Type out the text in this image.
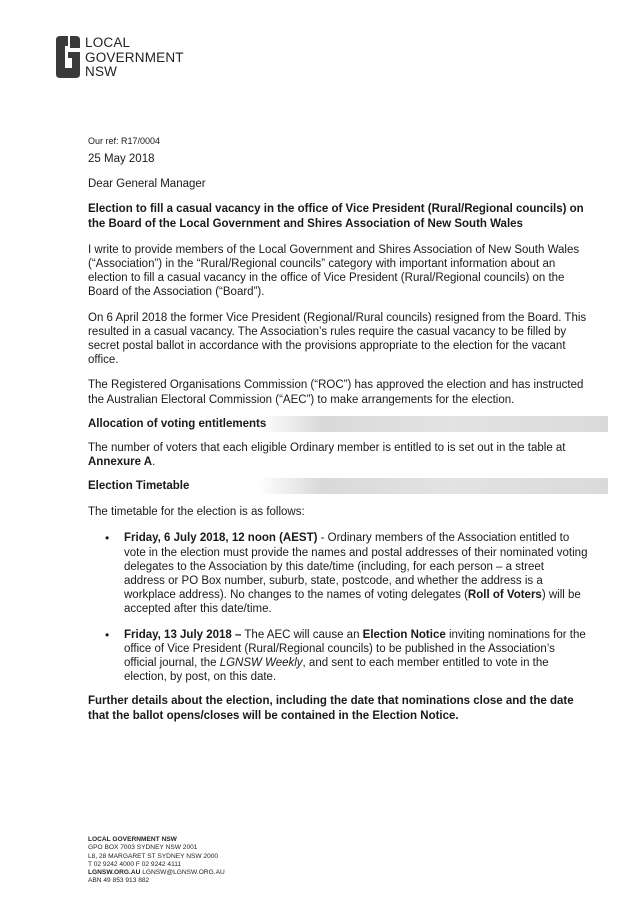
LOCAL
GOVERNMENT
NSW

Our ref: R17/0004

25 May 2018

Dear General Manager

Election to fill a casual vacancy in the office of Vice President (Rural/Regional councils) on the Board of the Local Government and Shires Association of New South Wales

I write to provide members of the Local Government and Shires Association of New South Wales (“Association”) in the “Rural/Regional councils” category with important information about an election to fill a casual vacancy in the office of Vice President (Rural/Regional councils) on the Board of the Association (“Board”).

On 6 April 2018 the former Vice President (Regional/Rural councils) resigned from the Board. This resulted in a casual vacancy. The Association’s rules require the casual vacancy to be filled by secret postal ballot in accordance with the provisions appropriate to the election for the vacant office.

The Registered Organisations Commission (“ROC”) has approved the election and has instructed the Australian Electoral Commission (“AEC”) to make arrangements for the election.

Allocation of voting entitlements

The number of voters that each eligible Ordinary member is entitled to is set out in the table at Annexure A.

Election Timetable

The timetable for the election is as follows:

• Friday, 6 July 2018, 12 noon (AEST) - Ordinary members of the Association entitled to vote in the election must provide the names and postal addresses of their nominated voting delegates to the Association by this date/time (including, for each person – a street address or PO Box number, suburb, state, postcode, and whether the address is a workplace address). No changes to the names of voting delegates (Roll of Voters) will be accepted after this date/time.
• Friday, 13 July 2018 – The AEC will cause an Election Notice inviting nominations for the office of Vice President (Rural/Regional councils) to be published in the Association’s official journal, the LGNSW Weekly, and sent to each member entitled to vote in the election, by post, on this date.

Further details about the election, including the date that nominations close and the date that the ballot opens/closes will be contained in the Election Notice.

LOCAL GOVERNMENT NSW
GPO BOX 7003 SYDNEY NSW 2001
L8, 28 MARGARET ST SYDNEY NSW 2000
T 02 9242 4000 F 02 9242 4111
LGNSW.ORG.AU LGNSW@LGNSW.ORG.AU
ABN 49 853 913 882
